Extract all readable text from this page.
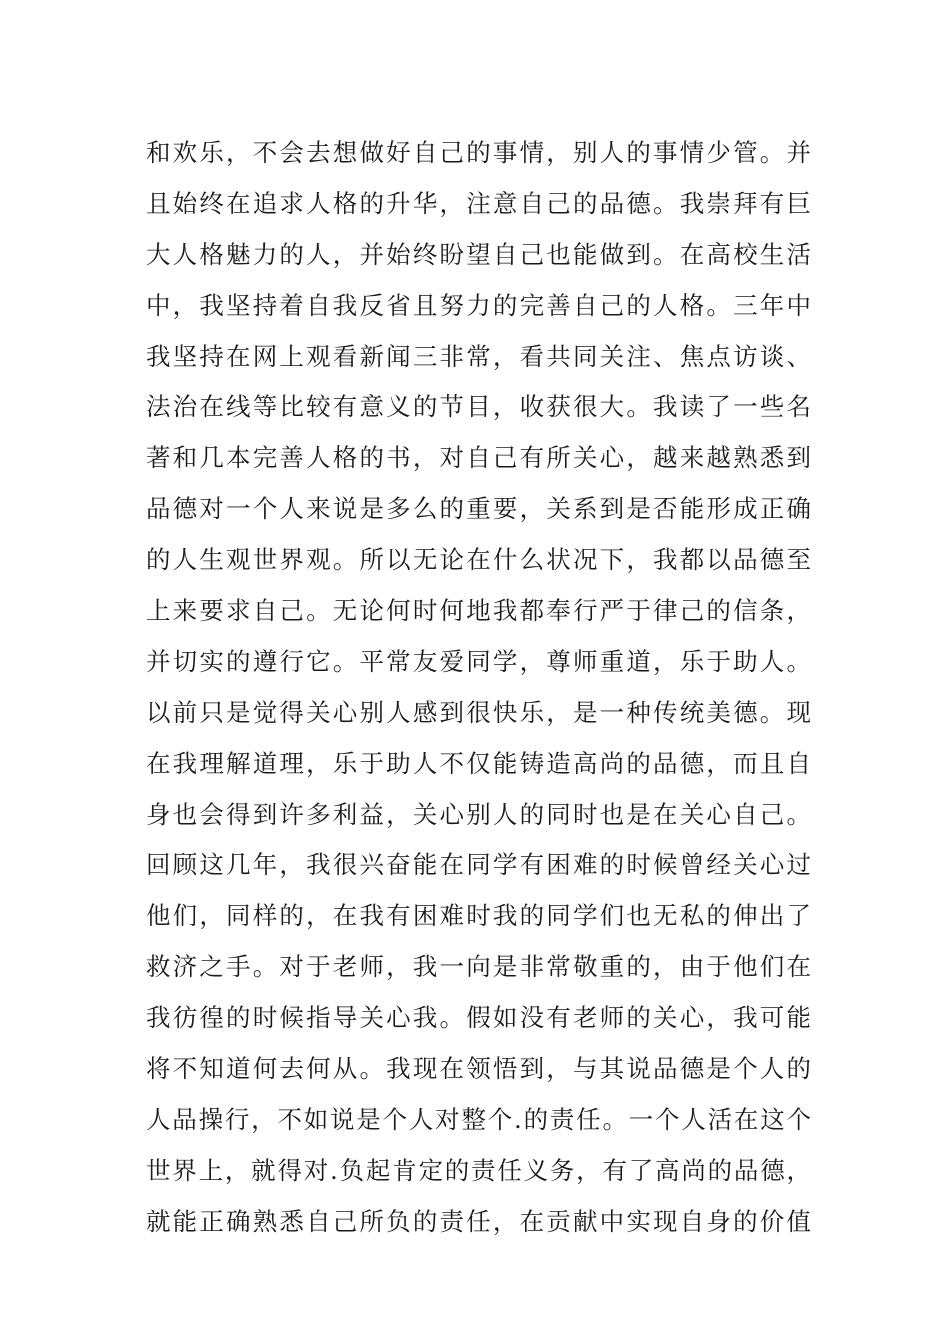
和欢乐，不会去想做好自己的事情，别人的事情少管。并
且始终在追求人格的升华，注意自己的品德。我崇拜有巨
大人格魅力的人，并始终盼望自己也能做到。在高校生活
中，我坚持着自我反省且努力的完善自己的人格。三年中
我坚持在网上观看新闻三非常，看共同关注、焦点访谈、
法治在线等比较有意义的节目，收获很大。我读了一些名
著和几本完善人格的书，对自己有所关心，越来越熟悉到
品德对一个人来说是多么的重要，关系到是否能形成正确
的人生观世界观。所以无论在什么状况下，我都以品德至
上来要求自己。无论何时何地我都奉行严于律己的信条，
并切实的遵行它。平常友爱同学，尊师重道，乐于助人。
以前只是觉得关心别人感到很快乐，是一种传统美德。现
在我理解道理，乐于助人不仅能铸造高尚的品德，而且自
身也会得到许多利益，关心别人的同时也是在关心自己。
回顾这几年，我很兴奋能在同学有困难的时候曾经关心过
他们，同样的，在我有困难时我的同学们也无私的伸出了
救济之手。对于老师，我一向是非常敬重的，由于他们在
我彷徨的时候指导关心我。假如没有老师的关心，我可能
将不知道何去何从。我现在领悟到，与其说品德是个人的
人品操行，不如说是个人对整个.的责任。一个人活在这个
世界上，就得对.负起肯定的责任义务，有了高尚的品德，
就能正确熟悉自己所负的责任，在贡献中实现自身的价值
